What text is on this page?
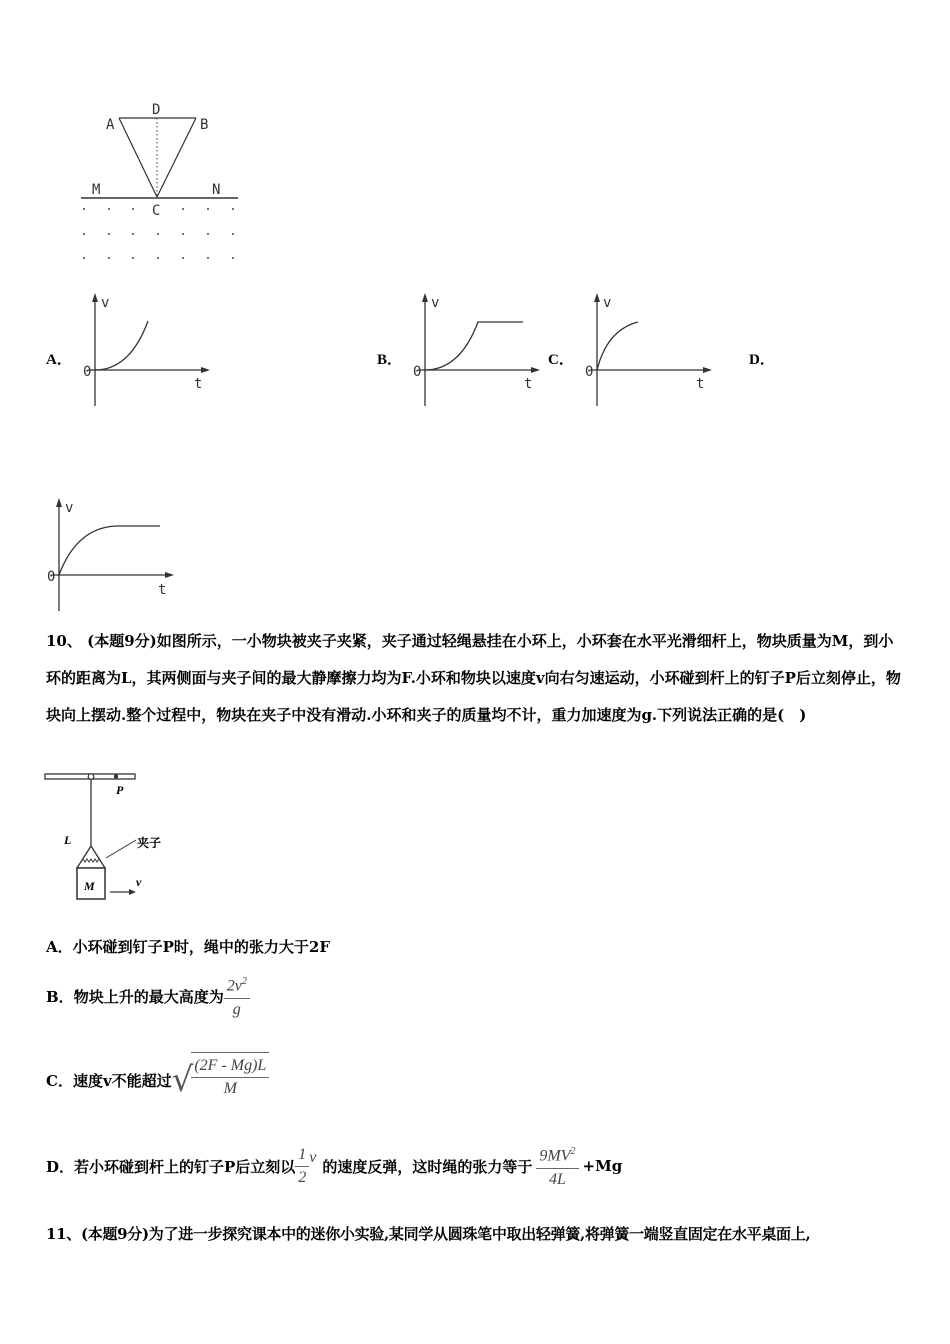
A	B
D
C
M	N
A．
v
0
t
B．
v
0
t
C．
v
0
t
D．
v
0
t
10、 (本题9分)如图所示，一小物块被夹子夹紧，夹子通过轻绳悬挂在小环上，小环套在水平光滑细杆上，物块质量为M，到小环的距离为L，其两侧面与夹子间的最大静摩擦力均为F.小环和物块以速度v向右匀速运动，小环碰到杆上的钉子P后立刻停止，物块向上摆动.整个过程中，物块在夹子中没有滑动.小环和夹子的质量均不计，重力加速度为g.下列说法正确的是(　)
P
L	夹子
M	v
A．小环碰到钉子P时，绳中的张力大于2F
B． 物块上升的最大高度为 $\frac{2v^2}{g}$
C． 速度v不能超过 √
$\frac{(2F - Mg)L}{M}$
D． 若小环碰到杆上的钉子P后立刻以 $\frac{1}{2}$ v 的速度反弹，这时绳的张力等于 $\frac{9MV^2}{4L} +Mg$
11、(本题9分)为了进一步探究课本中的迷你小实验,某同学从圆珠笔中取出轻弹簧,将弹簧一端竖直固定在水平桌面上,
